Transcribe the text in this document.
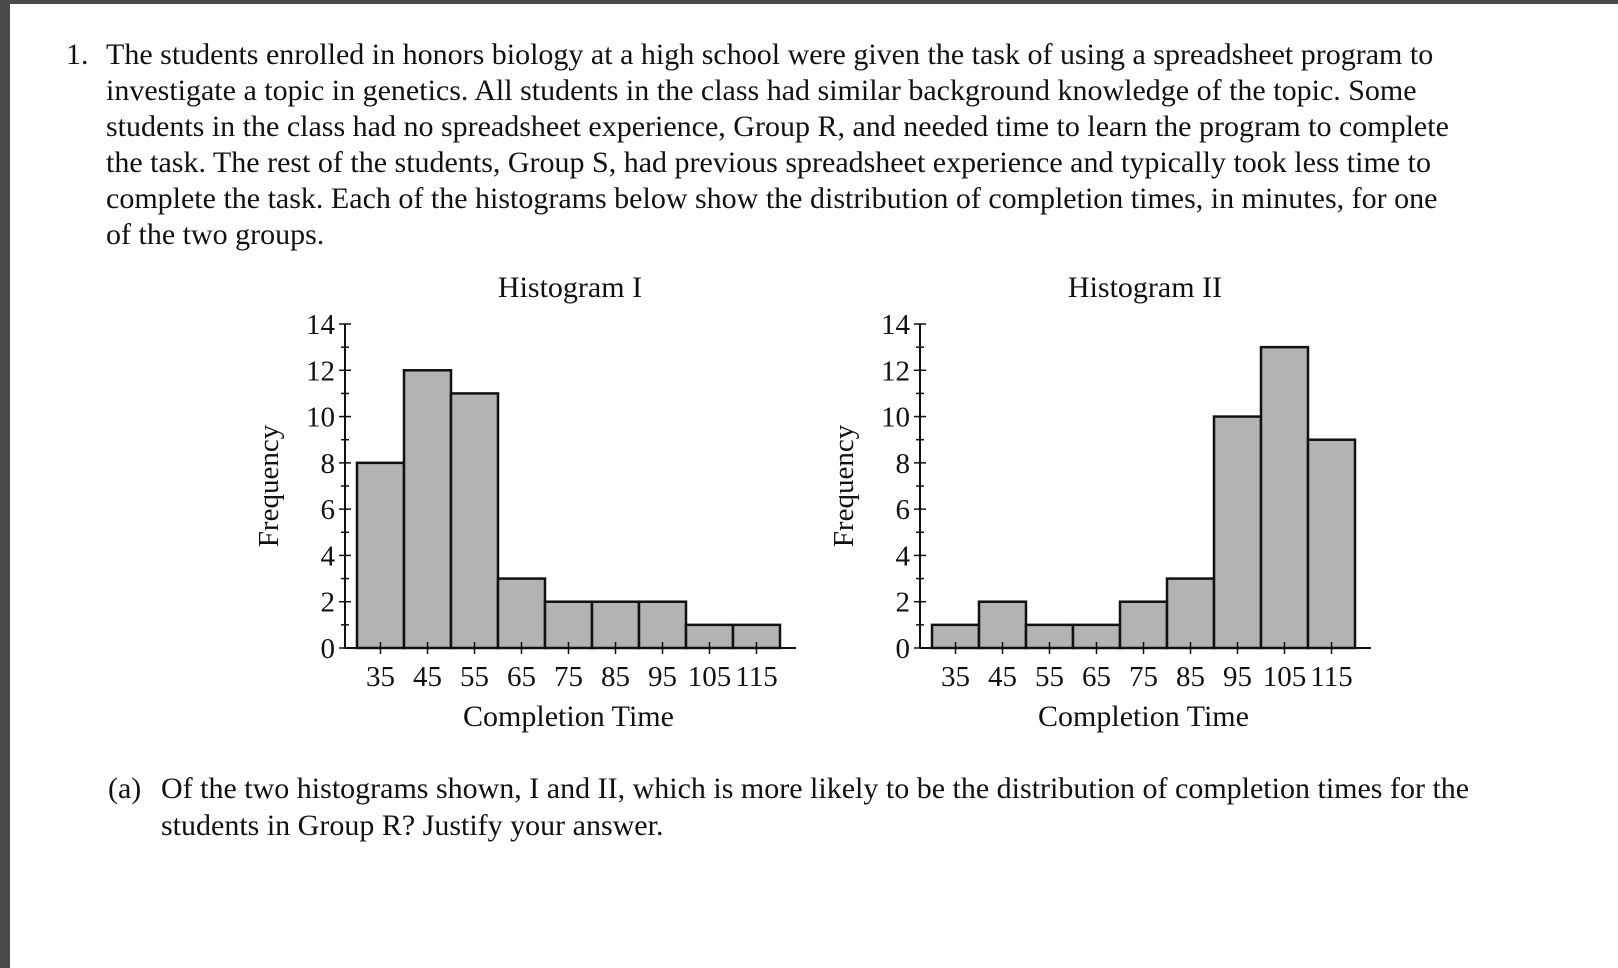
1. The students enrolled in honors biology at a high school were given the task of using a spreadsheet program to
investigate a topic in genetics. All students in the class had similar background knowledge of the topic. Some
students in the class had no spreadsheet experience, Group R, and needed time to learn the program to complete
the task. The rest of the students, Group S, had previous spreadsheet experience and typically took less time to
complete the task. Each of the histograms below show the distribution of completion times, in minutes, for one
of the two groups.
Histogram I
Frequency
0
2
4
6
8
10
12
14
35 45 55 65 75 85 95 105 115
Completion Time
Histogram II
Frequency
0
2
4
6
8
10
12
14
35 45 55 65 75 85 95 105 115
Completion Time
(a) Of the two histograms shown, I and II, which is more likely to be the distribution of completion times for the
students in Group R? Justify your answer.
